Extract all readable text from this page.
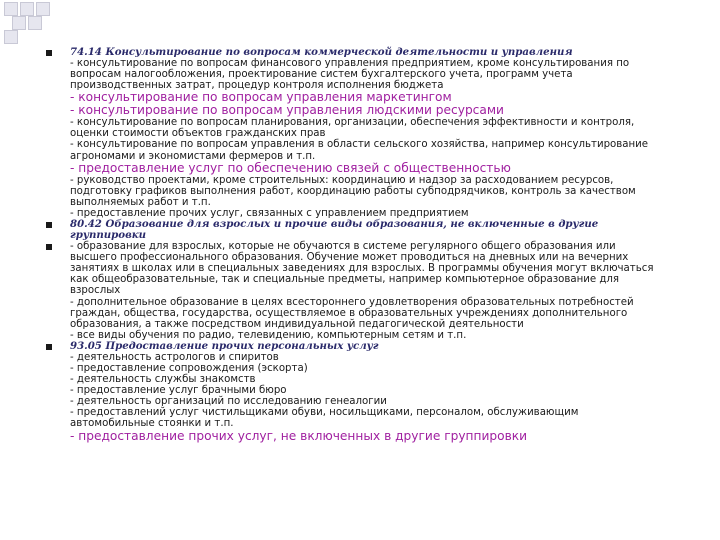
74.14 Консультирование по вопросам коммерческой деятельности и управления
- консультирование по вопросам финансового управления предприятием, кроме консультирования по
вопросам налогообложения, проектирование систем бухгалтерского учета, программ учета
производственных затрат, процедур контроля исполнения бюджета
- консультирование по вопросам управления маркетингом
- консультирование по вопросам управления людскими ресурсами
- консультирование по вопросам планирования, организации, обеспечения эффективности и контроля,
оценки стоимости объектов гражданских прав
- консультирование по вопросам управления в области сельского хозяйства, например консультирование
агрономами и экономистами фермеров и т.п.
- предоставление услуг по обеспечению связей с общественностью
- руководство проектами, кроме строительных: координацию и надзор за расходованием ресурсов,
подготовку графиков выполнения работ, координацию работы субподрядчиков, контроль за качеством
выполняемых работ и т.п.
- предоставление прочих услуг, связанных с управлением предприятием
80.42 Образование для взрослых и прочие виды образования, не включенные в другие
группировки
- образование для взрослых, которые не обучаются в системе регулярного общего образования или
высшего профессионального образования. Обучение может проводиться на дневных или на вечерних
занятиях в школах или в специальных заведениях для взрослых. В программы обучения могут включаться
как общеобразовательные, так и специальные предметы, например компьютерное образование для
взрослых
- дополнительное образование в целях всестороннего удовлетворения образовательных потребностей
граждан, общества, государства, осуществляемое в образовательных учреждениях дополнительного
образования, а также посредством индивидуальной педагогической деятельности
- все виды обучения по радио, телевидению, компьютерным сетям и т.п.
93.05 Предоставление прочих персональных услуг
- деятельность астрологов и спиритов
- предоставление сопровождения (эскорта)
- деятельность службы знакомств
- предоставление услуг брачными бюро
- деятельность организаций по исследованию генеалогии
- предоставлений услуг чистильщиками обуви, носильщиками, персоналом, обслуживающим
автомобильные стоянки и т.п.
- предоставление прочих услуг, не включенных в другие группировки
